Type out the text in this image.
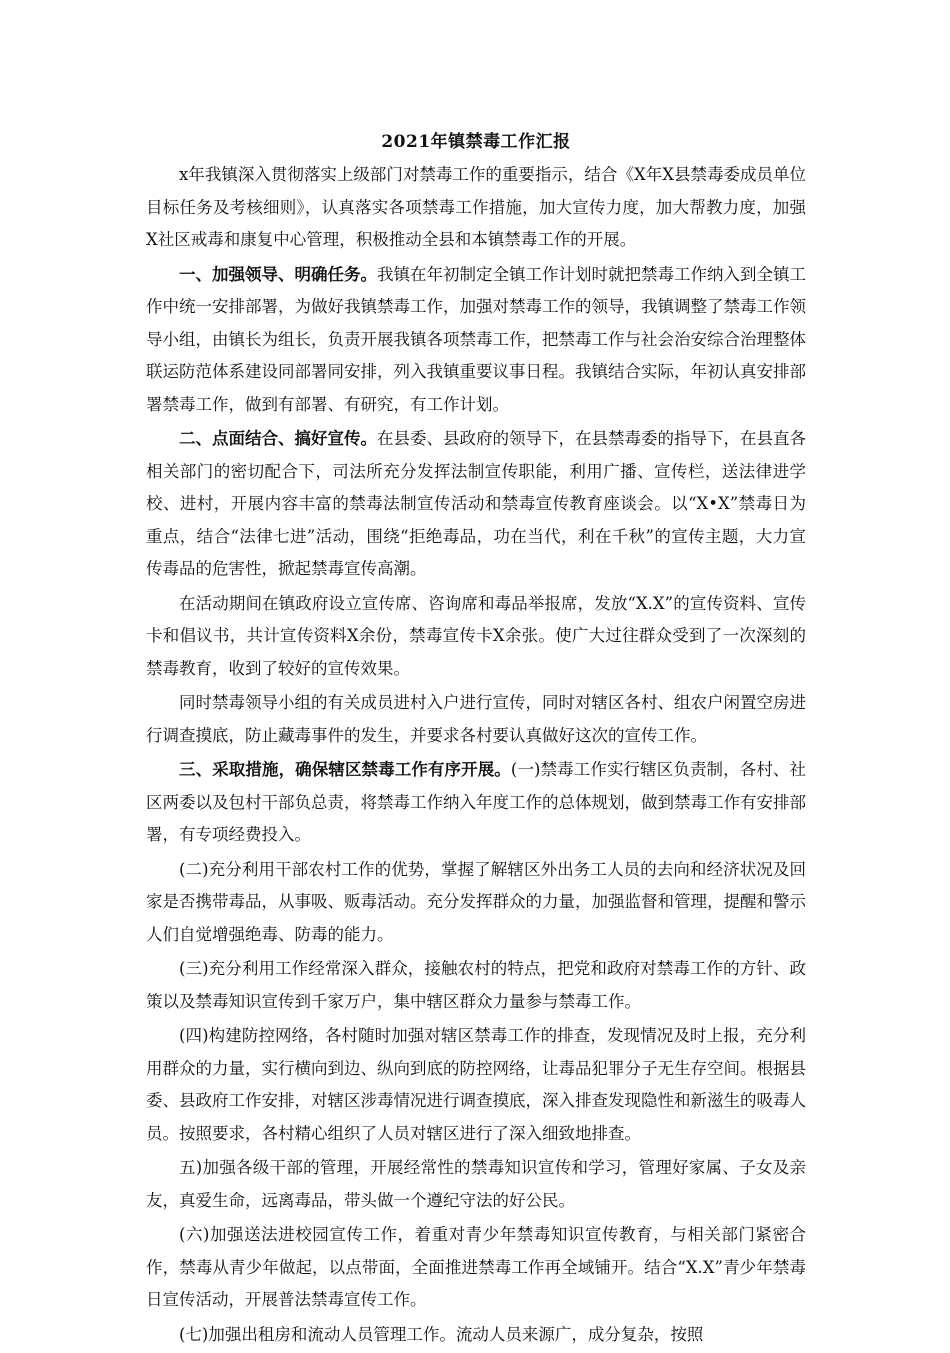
2021年镇禁毒工作汇报

x年我镇深入贯彻落实上级部门对禁毒工作的重要指示，结合《X年X县禁毒委成员单位目标任务及考核细则》，认真落实各项禁毒工作措施，加大宣传力度，加大帮教力度，加强X社区戒毒和康复中心管理，积极推动全县和本镇禁毒工作的开展。

一、加强领导、明确任务。我镇在年初制定全镇工作计划时就把禁毒工作纳入到全镇工作中统一安排部署，为做好我镇禁毒工作，加强对禁毒工作的领导，我镇调整了禁毒工作领导小组，由镇长为组长，负责开展我镇各项禁毒工作，把禁毒工作与社会治安综合治理整体联运防范体系建设同部署同安排，列入我镇重要议事日程。我镇结合实际，年初认真安排部署禁毒工作，做到有部署、有研究，有工作计划。

二、点面结合、搞好宣传。在县委、县政府的领导下，在县禁毒委的指导下，在县直各相关部门的密切配合下，司法所充分发挥法制宣传职能，利用广播、宣传栏，送法律进学校、进村，开展内容丰富的禁毒法制宣传活动和禁毒宣传教育座谈会。以“X•X”禁毒日为重点，结合“法律七进”活动，围绕“拒绝毒品，功在当代，利在千秋”的宣传主题，大力宣传毒品的危害性，掀起禁毒宣传高潮。

在活动期间在镇政府设立宣传席、咨询席和毒品举报席，发放“X.X”的宣传资料、宣传卡和倡议书，共计宣传资料X余份，禁毒宣传卡X余张。使广大过往群众受到了一次深刻的禁毒教育，收到了较好的宣传效果。

同时禁毒领导小组的有关成员进村入户进行宣传，同时对辖区各村、组农户闲置空房进行调查摸底，防止藏毒事件的发生，并要求各村要认真做好这次的宣传工作。

三、采取措施，确保辖区禁毒工作有序开展。(一)禁毒工作实行辖区负责制，各村、社区两委以及包村干部负总责，将禁毒工作纳入年度工作的总体规划，做到禁毒工作有安排部署，有专项经费投入。

(二)充分利用干部农村工作的优势，掌握了解辖区外出务工人员的去向和经济状况及回家是否携带毒品，从事吸、贩毒活动。充分发挥群众的力量，加强监督和管理，提醒和警示人们自觉增强绝毒、防毒的能力。

(三)充分利用工作经常深入群众，接触农村的特点，把党和政府对禁毒工作的方针、政策以及禁毒知识宣传到千家万户，集中辖区群众力量参与禁毒工作。

(四)构建防控网络，各村随时加强对辖区禁毒工作的排查，发现情况及时上报，充分利用群众的力量，实行横向到边、纵向到底的防控网络，让毒品犯罪分子无生存空间。根据县委、县政府工作安排，对辖区涉毒情况进行调查摸底，深入排查发现隐性和新滋生的吸毒人员。按照要求，各村精心组织了人员对辖区进行了深入细致地排查。

五)加强各级干部的管理，开展经常性的禁毒知识宣传和学习，管理好家属、子女及亲友，真爱生命，远离毒品，带头做一个遵纪守法的好公民。

(六)加强送法进校园宣传工作，着重对青少年禁毒知识宣传教育，与相关部门紧密合作，禁毒从青少年做起，以点带面，全面推进禁毒工作再全域铺开。结合“X.X”青少年禁毒日宣传活动，开展普法禁毒宣传工作。

(七)加强出租房和流动人员管理工作。流动人员来源广，成分复杂，按照
